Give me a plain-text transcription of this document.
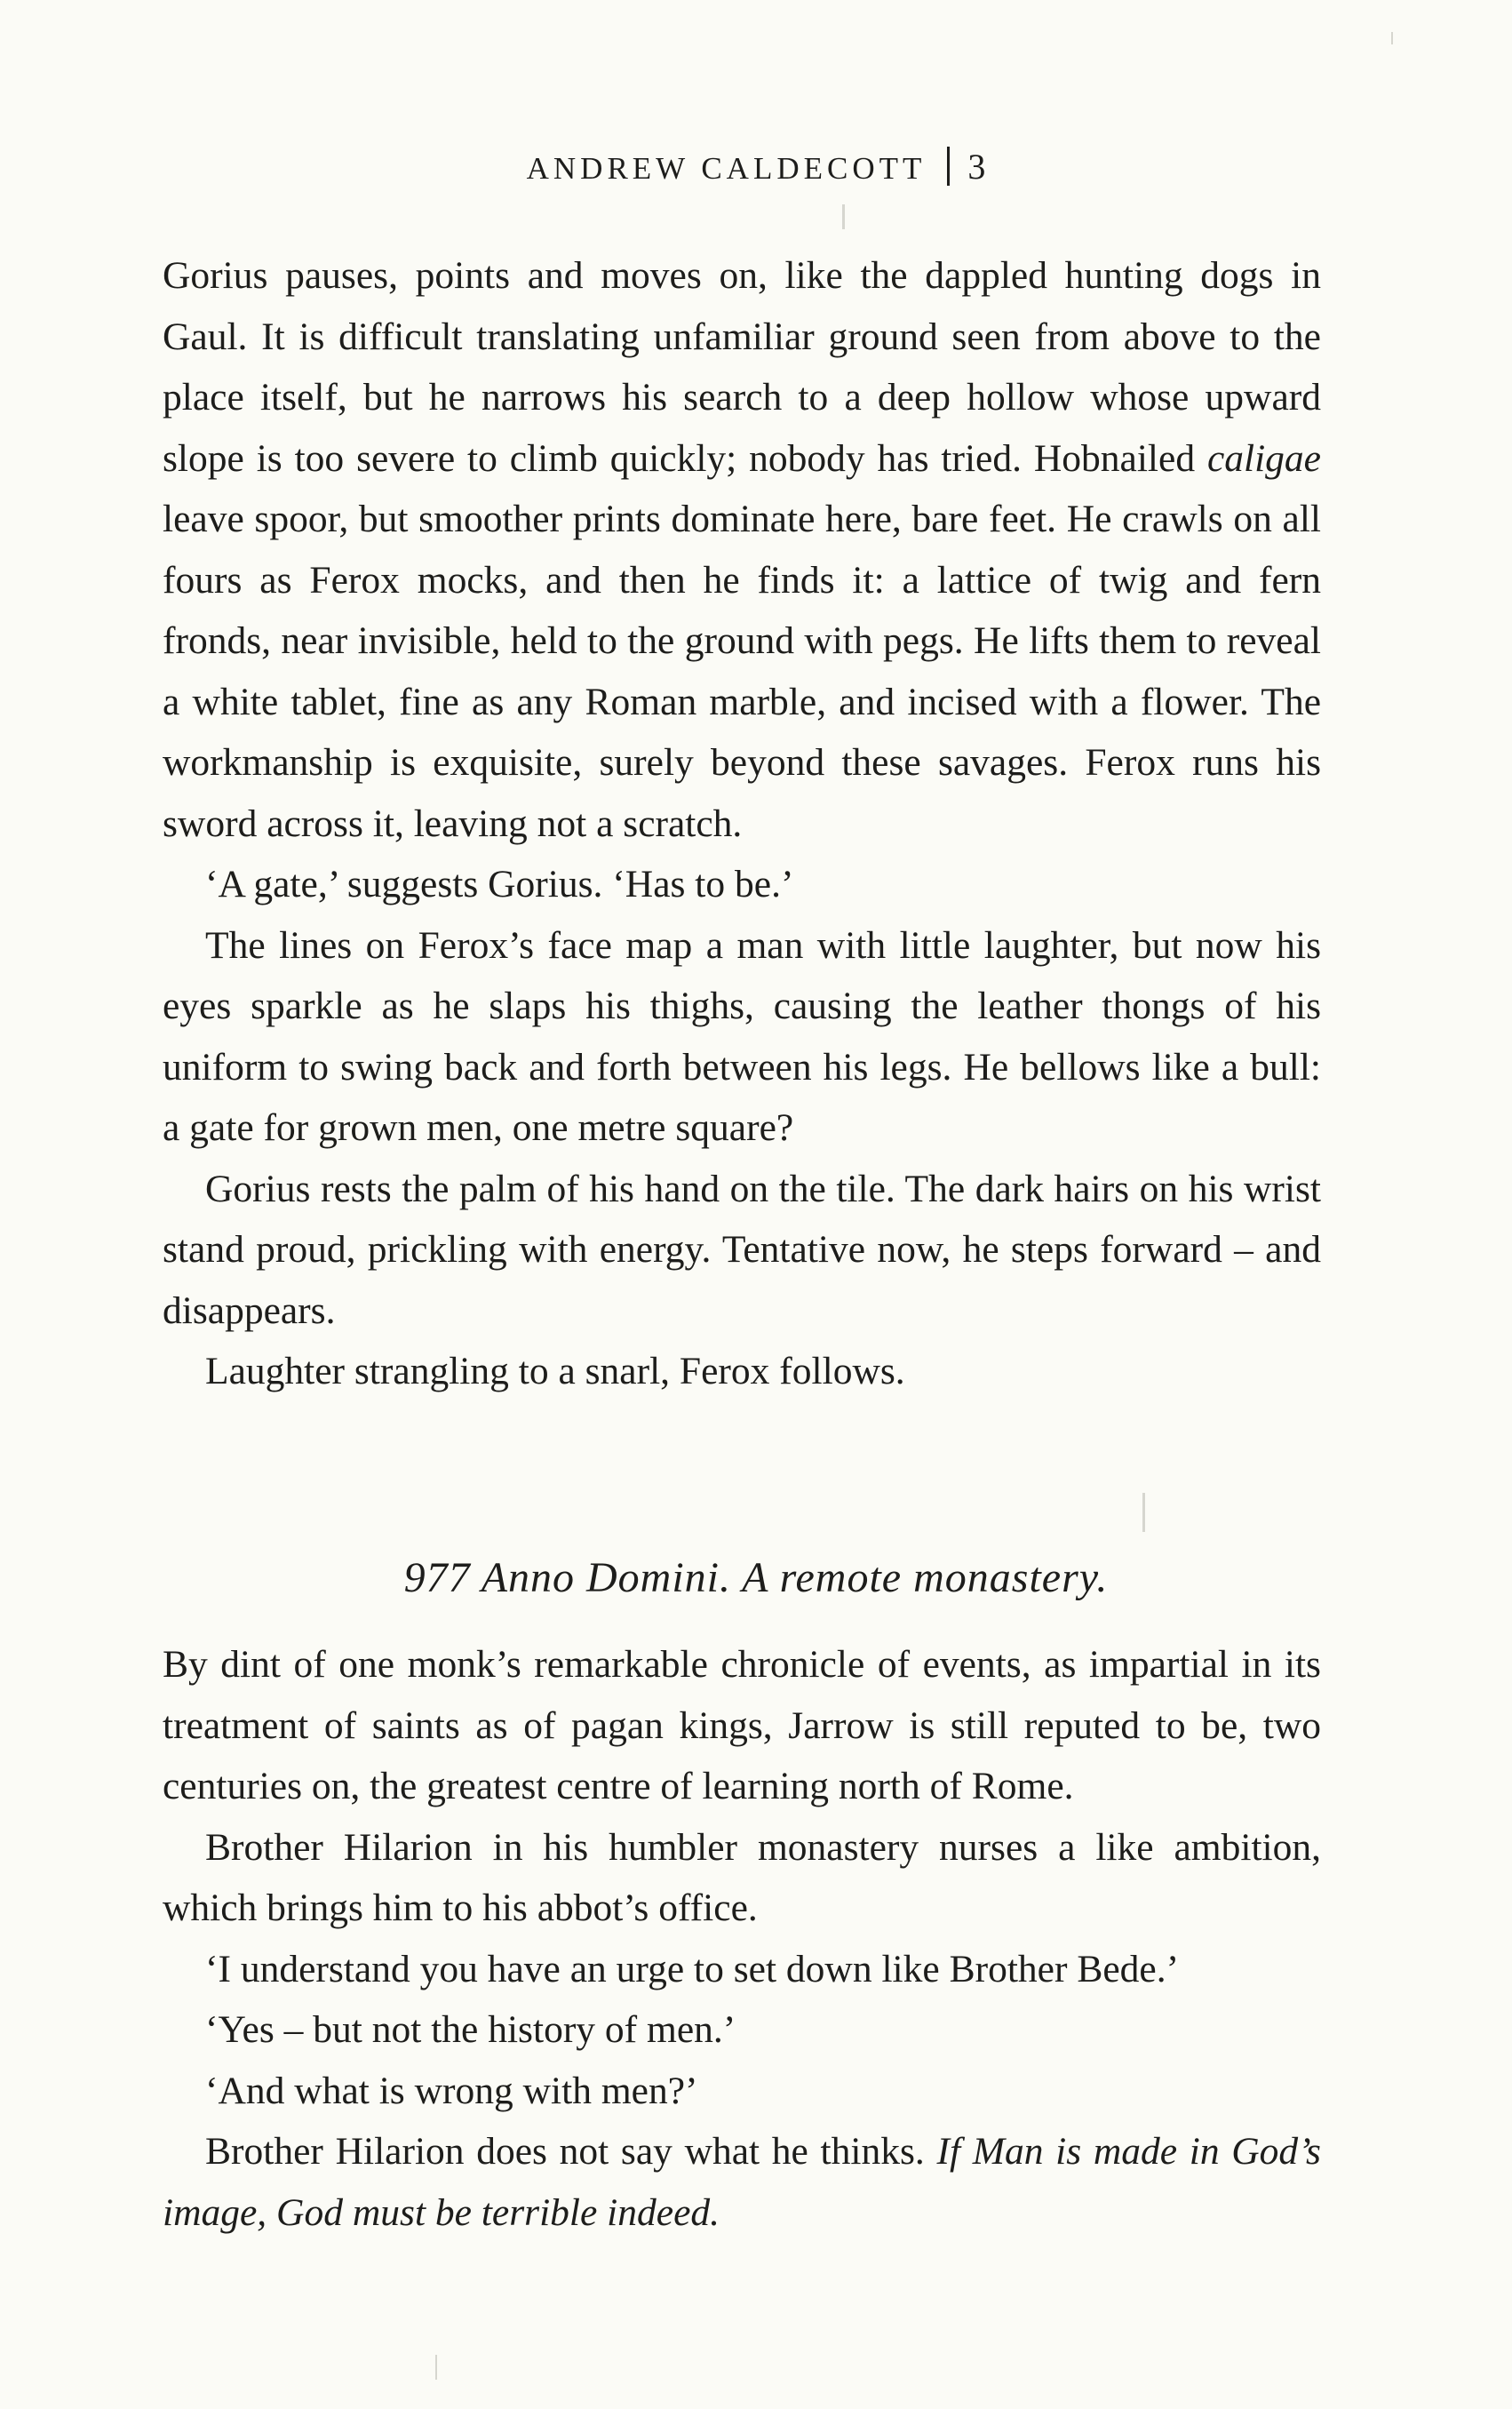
ANDREW CALDECOTT 3

Gorius pauses, points and moves on, like the dappled hunting dogs in Gaul. It is difficult translating unfamiliar ground seen from above to the place itself, but he narrows his search to a deep hollow whose upward slope is too severe to climb quickly; nobody has tried. Hobnailed caligae leave spoor, but smoother prints dominate here, bare feet. He crawls on all fours as Ferox mocks, and then he finds it: a lattice of twig and fern fronds, near invisible, held to the ground with pegs. He lifts them to reveal a white tablet, fine as any Roman marble, and incised with a flower. The workmanship is exquisite, surely beyond these savages. Ferox runs his sword across it, leaving not a scratch.

‘A gate,’ suggests Gorius. ‘Has to be.’

The lines on Ferox’s face map a man with little laughter, but now his eyes sparkle as he slaps his thighs, causing the leather thongs of his uniform to swing back and forth between his legs. He bellows like a bull: a gate for grown men, one metre square?

Gorius rests the palm of his hand on the tile. The dark hairs on his wrist stand proud, prickling with energy. Tentative now, he steps forward – and disappears.

Laughter strangling to a snarl, Ferox follows.

977 Anno Domini. A remote monastery.

By dint of one monk’s remarkable chronicle of events, as impartial in its treatment of saints as of pagan kings, Jarrow is still reputed to be, two centuries on, the greatest centre of learning north of Rome.

Brother Hilarion in his humbler monastery nurses a like ambition, which brings him to his abbot’s office.

‘I understand you have an urge to set down like Brother Bede.’

‘Yes – but not the history of men.’

‘And what is wrong with men?’

Brother Hilarion does not say what he thinks. If Man is made in God’s image, God must be terrible indeed.
